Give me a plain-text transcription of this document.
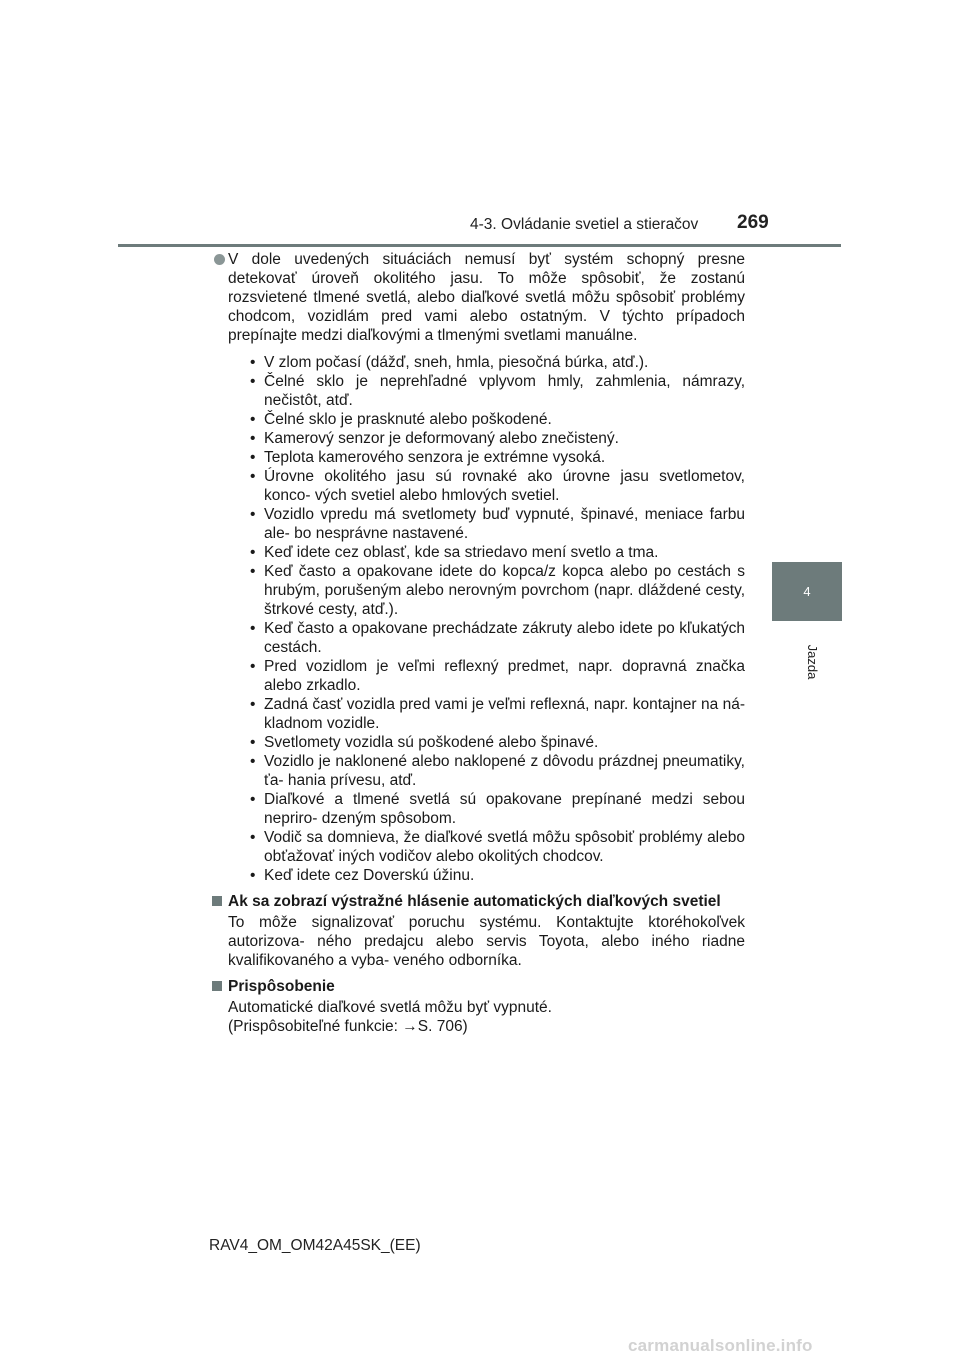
4-3. Ovládanie svetiel a stieračov 269
4
Jazda
V dole uvedených situáciách nemusí byť systém schopný presne detekovať úroveň okolitého jasu. To môže spôsobiť, že zostanú rozsvietené tlmené svetlá, alebo diaľkové svetlá môžu spôsobiť problémy chodcom, vozidlám pred vami alebo ostatným. V týchto prípadoch prepínajte medzi diaľkovými a tlmenými svetlami manuálne.
• V zlom počasí (dážď, sneh, hmla, piesočná búrka, atď.).
• Čelné sklo je neprehľadné vplyvom hmly, zahmlenia, námrazy, nečistôt, atď.
• Čelné sklo je prasknuté alebo poškodené.
• Kamerový senzor je deformovaný alebo znečistený.
• Teplota kamerového senzora je extrémne vysoká.
• Úrovne okolitého jasu sú rovnaké ako úrovne jasu svetlometov, konco- vých svetiel alebo hmlových svetiel.
• Vozidlo vpredu má svetlomety buď vypnuté, špinavé, meniace farbu ale- bo nesprávne nastavené.
• Keď idete cez oblasť, kde sa striedavo mení svetlo a tma.
• Keď často a opakovane idete do kopca/z kopca alebo po cestách s hrubým, porušeným alebo nerovným povrchom (napr. dláždené cesty, štrkové cesty, atď.).
• Keď často a opakovane prechádzate zákruty alebo idete po kľukatých cestách.
• Pred vozidlom je veľmi reflexný predmet, napr. dopravná značka alebo zrkadlo.
• Zadná časť vozidla pred vami je veľmi reflexná, napr. kontajner na ná- kladnom vozidle.
• Svetlomety vozidla sú poškodené alebo špinavé.
• Vozidlo je naklonené alebo naklopené z dôvodu prázdnej pneumatiky, ťa- hania prívesu, atď.
• Diaľkové a tlmené svetlá sú opakovane prepínané medzi sebou nepriro- dzeným spôsobom.
• Vodič sa domnieva, že diaľkové svetlá môžu spôsobiť problémy alebo obťažovať iných vodičov alebo okolitých chodcov.
• Keď idete cez Doverskú úžinu.
Ak sa zobrazí výstražné hlásenie automatických diaľkových svetiel
To môže signalizovať poruchu systému. Kontaktujte ktoréhokoľvek autorizova- ného predajcu alebo servis Toyota, alebo iného riadne kvalifikovaného a vyba- veného odborníka.
Prispôsobenie
Automatické diaľkové svetlá môžu byť vypnuté.
(Prispôsobiteľné funkcie: →S. 706)
RAV4_OM_OM42A45SK_(EE)
carmanualsonline.info
